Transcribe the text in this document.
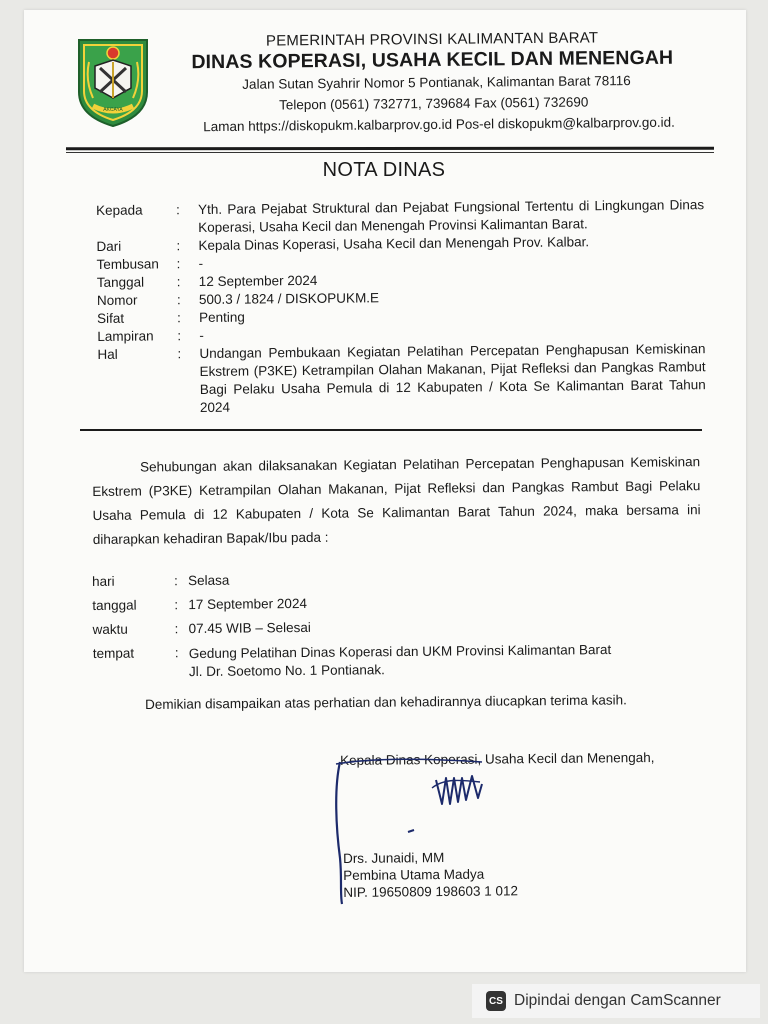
AKCAYA
PEMERINTAH PROVINSI KALIMANTAN BARAT
DINAS KOPERASI, USAHA KECIL DAN MENENGAH
Jalan Sutan Syahrir Nomor 5 Pontianak, Kalimantan Barat 78116
Telepon (0561) 732771, 739684 Fax (0561) 732690
Laman https://diskopukm.kalbarprov.go.id Pos-el diskopukm@kalbarprov.go.id.
NOTA DINAS
Kepada	:	Yth. Para Pejabat Struktural dan Pejabat Fungsional Tertentu di Lingkungan Dinas Koperasi, Usaha Kecil dan Menengah Provinsi Kalimantan Barat.
Dari	:	Kepala Dinas Koperasi, Usaha Kecil dan Menengah Prov. Kalbar.
Tembusan	:	-
Tanggal	:	12 September 2024
Nomor	:	500.3 / 1824 / DISKOPUKM.E
Sifat	:	Penting
Lampiran	:	-
Hal	:	Undangan Pembukaan Kegiatan Pelatihan Percepatan Penghapusan Kemiskinan Ekstrem (P3KE) Ketrampilan Olahan Makanan, Pijat Refleksi dan Pangkas Rambut Bagi Pelaku Usaha Pemula di 12 Kabupaten / Kota Se Kalimantan Barat Tahun 2024
Sehubungan akan dilaksanakan Kegiatan Pelatihan Percepatan Penghapusan Kemiskinan Ekstrem (P3KE) Ketrampilan Olahan Makanan, Pijat Refleksi dan Pangkas Rambut Bagi Pelaku Usaha Pemula di 12 Kabupaten / Kota Se Kalimantan Barat Tahun 2024, maka bersama ini diharapkan kehadiran Bapak/Ibu pada :
hari	: Selasa
tanggal	: 17 September 2024
waktu	: 07.45 WIB – Selesai
tempat	: Gedung Pelatihan Dinas Koperasi dan UKM Provinsi Kalimantan Barat
Jl. Dr. Soetomo No. 1 Pontianak.
Demikian disampaikan atas perhatian dan kehadirannya diucapkan terima kasih.
Kepala Dinas Koperasi, Usaha Kecil dan Menengah,
Drs. Junaidi, MM
Pembina Utama Madya
NIP. 19650809 198603 1 012
CS Dipindai dengan CamScanner
